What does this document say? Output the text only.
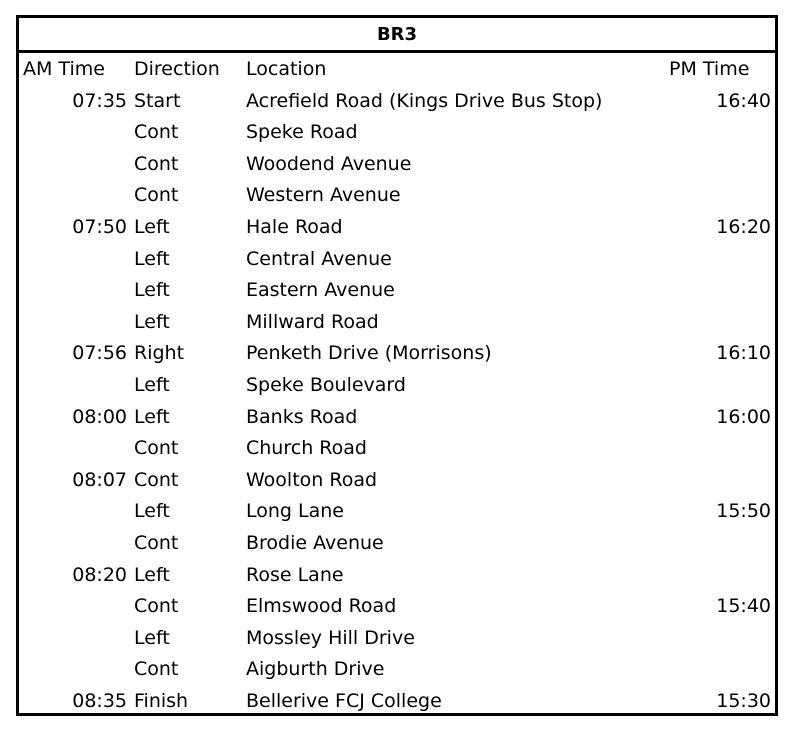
BR3
AM Time	Direction	Location	PM Time
07:35 Start	Acrefield Road (Kings Drive Bus Stop)	16:40
Cont	Speke Road
Cont	Woodend Avenue
Cont	Western Avenue
07:50 Left	Hale Road	16:20
Left	Central Avenue
Left	Eastern Avenue
Left	Millward Road
07:56 Right	Penketh Drive (Morrisons)	16:10
Left	Speke Boulevard
08:00 Left	Banks Road	16:00
Cont	Church Road
08:07 Cont	Woolton Road
Left	Long Lane	15:50
Cont	Brodie Avenue
08:20 Left	Rose Lane
Cont	Elmswood Road	15:40
Left	Mossley Hill Drive
Cont	Aigburth Drive
08:35 Finish	Bellerive FCJ College	15:30
